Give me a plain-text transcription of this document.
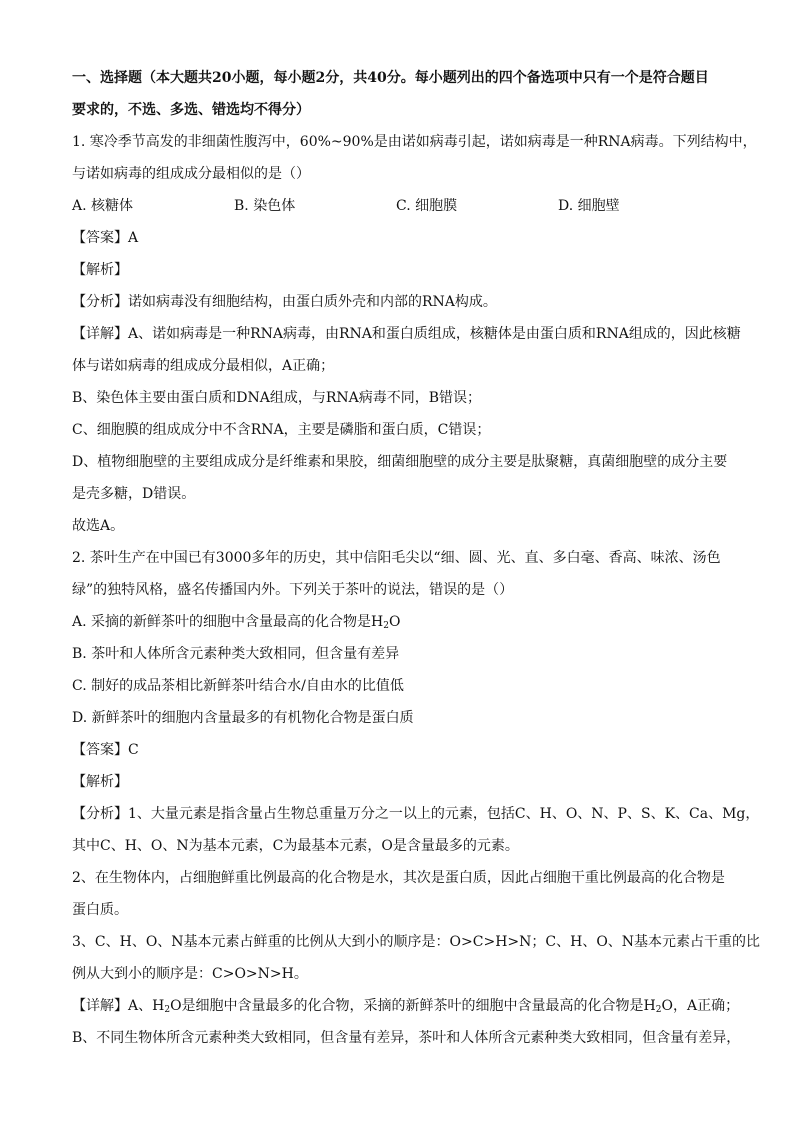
一、选择题（本大题共20小题，每小题2分，共40分。每小题列出的四个备选项中只有一个是符合题目
要求的，不选、多选、错选均不得分）
1. 寒冷季节高发的非细菌性腹泻中，60%~90%是由诺如病毒引起，诺如病毒是一种RNA病毒。下列结构中，
与诺如病毒的组成成分最相似的是（）
A. 核糖体	B. 染色体	C. 细胞膜	D. 细胞壁
【答案】A
【解析】
【分析】诺如病毒没有细胞结构，由蛋白质外壳和内部的RNA构成。
【详解】A、诺如病毒是一种RNA病毒，由RNA和蛋白质组成，核糖体是由蛋白质和RNA组成的，因此核糖
体与诺如病毒的组成成分最相似，A正确；
B、染色体主要由蛋白质和DNA组成，与RNA病毒不同，B错误；
C、细胞膜的组成成分中不含RNA，主要是磷脂和蛋白质，C错误；
D、植物细胞壁的主要组成成分是纤维素和果胶，细菌细胞壁的成分主要是肽聚糖，真菌细胞壁的成分主要
是壳多糖，D错误。
故选A。
2. 茶叶生产在中国已有3000多年的历史，其中信阳毛尖以“细、圆、光、直、多白毫、香高、味浓、汤色
绿”的独特风格，盛名传播国内外。下列关于茶叶的说法，错误的是（）
A. 采摘的新鲜茶叶的细胞中含量最高的化合物是$H_2O$
B. 茶叶和人体所含元素种类大致相同，但含量有差异
C. 制好的成品茶相比新鲜茶叶结合水/自由水的比值低
D. 新鲜茶叶的细胞内含量最多的有机物化合物是蛋白质
【答案】C
【解析】
【分析】1、大量元素是指含量占生物总重量万分之一以上的元素，包括C、H、O、N、P、S、K、Ca、Mg，
其中C、H、O、N为基本元素，C为最基本元素，O是含量最多的元素。
2、在生物体内，占细胞鲜重比例最高的化合物是水，其次是蛋白质，因此占细胞干重比例最高的化合物是
蛋白质。
3、C、H、O、N基本元素占鲜重的比例从大到小的顺序是：O>C>H>N；C、H、O、N基本元素占干重的比
例从大到小的顺序是：C>O>N>H。
【详解】A、$H_2O$是细胞中含量最多的化合物，采摘的新鲜茶叶的细胞中含量最高的化合物是$H_2O$，A正确；
B、不同生物体所含元素种类大致相同，但含量有差异，茶叶和人体所含元素种类大致相同，但含量有差异，
